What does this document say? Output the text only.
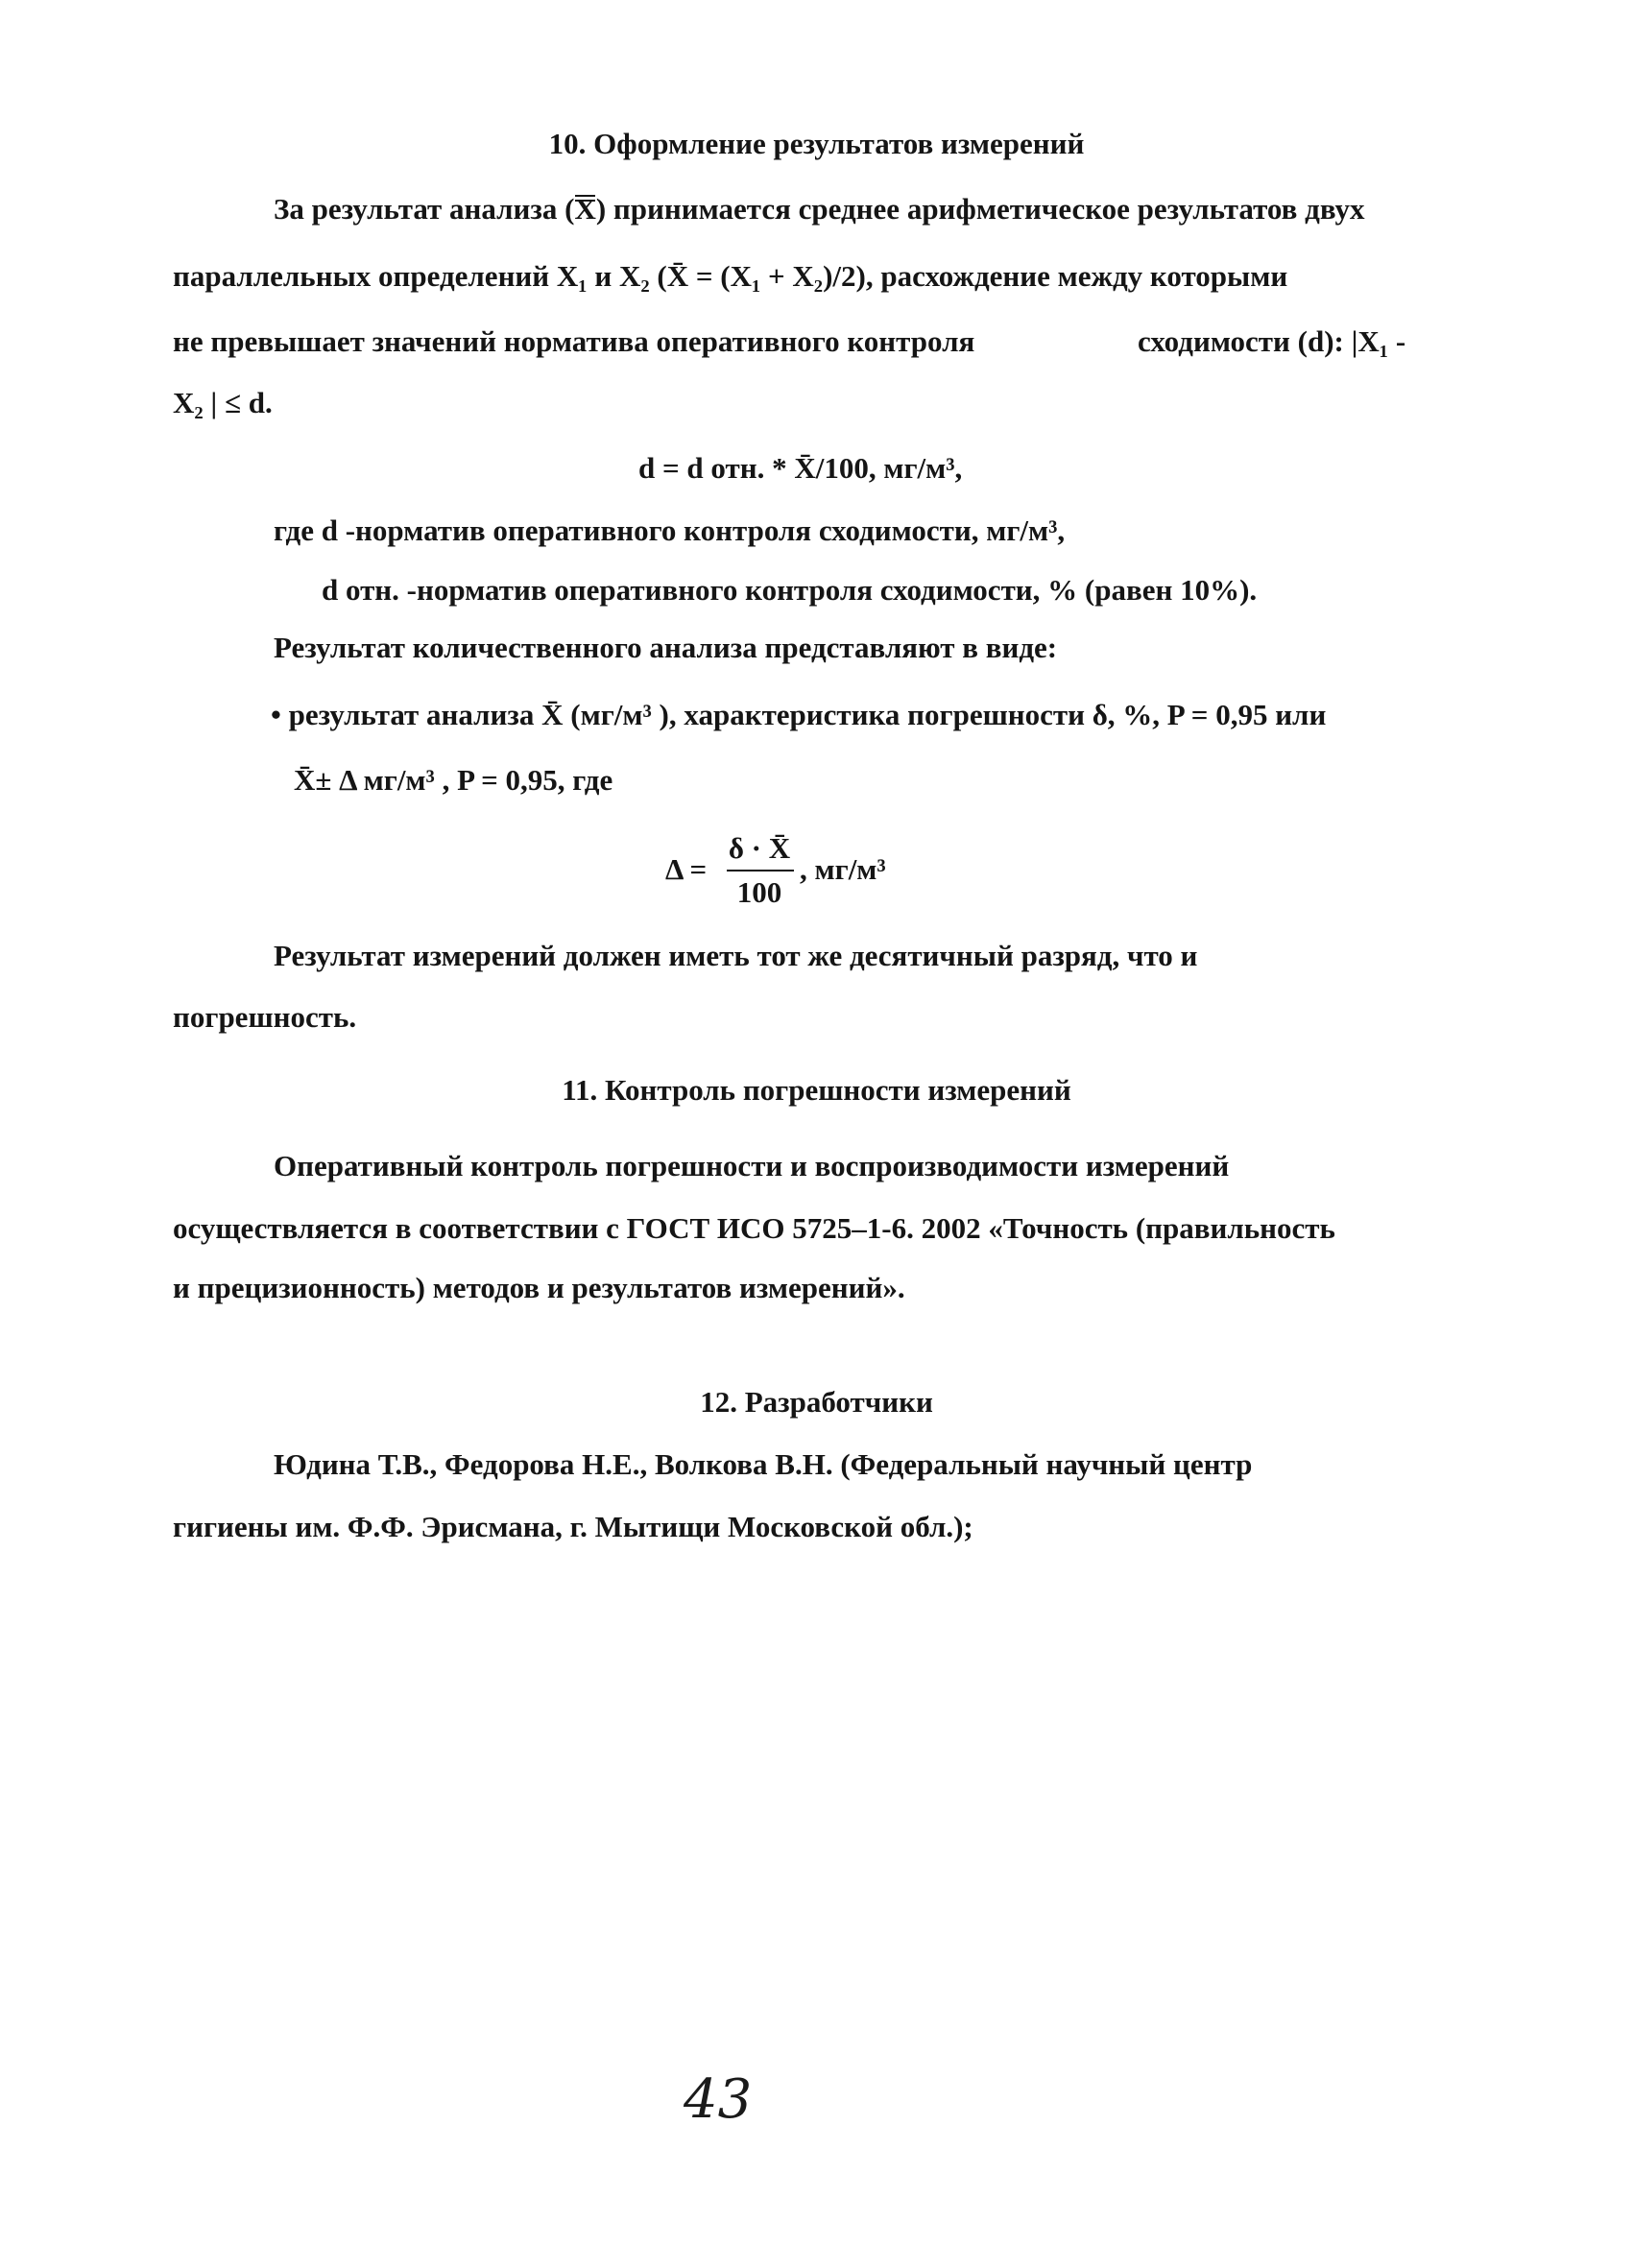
10. Оформление результатов измерений
За результат анализа (X) принимается среднее арифметическое результатов двух
параллельных определений X₁ и X₂ (X̄ = (X₁ + X₂)/2), расхождение между которыми
не превышает значений норматива оперативного контроля	сходимости (d): |X₁ -
X₂ | ≤ d.
d = d отн. * X̄/100, мг/м³,
где d -норматив оперативного контроля сходимости, мг/м³,
d отн. -норматив оперативного контроля сходимости, % (равен 10%).
Результат количественного анализа представляют в виде:
• результат анализа X̄ (мг/м³ ), характеристика погрешности δ, %, P = 0,95 или
X̄± Δ мг/м³ , P = 0,95, где
Δ =
δ · X̄
100
, мг/м³
Результат измерений должен иметь тот же десятичный разряд, что и
погрешность.
11. Контроль погрешности измерений
Оперативный контроль погрешности и воспроизводимости измерений
осуществляется в соответствии с ГОСТ ИСО 5725–1-6. 2002 «Точность (правильность
и прецизионность) методов и результатов измерений».
12. Разработчики
Юдина Т.В., Федорова Н.Е., Волкова В.Н. (Федеральный научный центр
гигиены им. Ф.Ф. Эрисмана, г. Мытищи Московской обл.);
43
